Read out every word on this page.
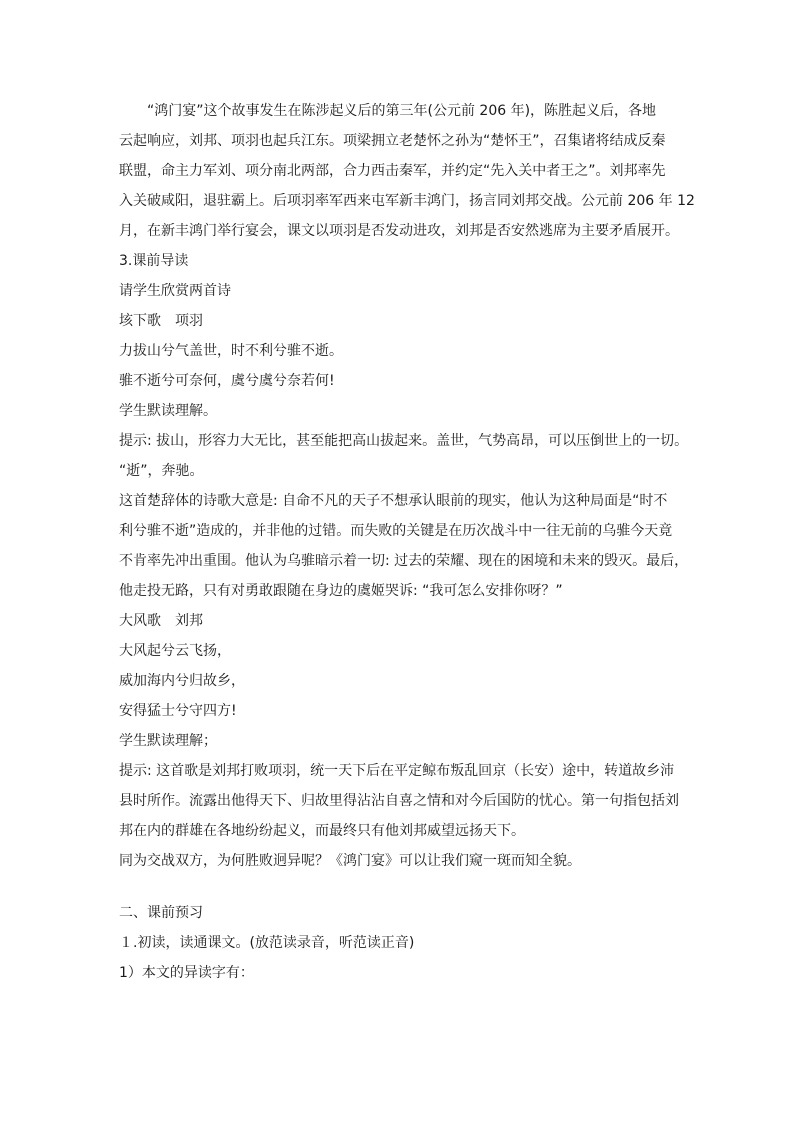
“鸿门宴”这个故事发生在陈涉起义后的第三年(公元前 206 年)，陈胜起义后，各地
云起响应，刘邦、项羽也起兵江东。项梁拥立老楚怀之孙为“楚怀王”，召集诸将结成反秦
联盟，命主力军刘、项分南北两部，合力西击秦军，并约定“先入关中者王之”。刘邦率先
入关破咸阳，退驻霸上。后项羽率军西来屯军新丰鸿门，扬言同刘邦交战。公元前 206 年 12
月，在新丰鸿门举行宴会，课文以项羽是否发动进攻，刘邦是否安然逃席为主要矛盾展开。
3.课前导读
请学生欣赏两首诗
垓下歌　项羽
力拔山兮气盖世，时不利兮骓不逝。
骓不逝兮可奈何，虞兮虞兮奈若何!
学生默读理解。
提示: 拔山，形容力大无比，甚至能把高山拔起来。盖世，气势高昂，可以压倒世上的一切。
“逝”，奔驰。
这首楚辞体的诗歌大意是: 自命不凡的天子不想承认眼前的现实，他认为这种局面是“时不
利兮骓不逝”造成的，并非他的过错。而失败的关键是在历次战斗中一往无前的乌骓今天竟
不肯率先冲出重围。他认为乌骓暗示着一切: 过去的荣耀、现在的困境和未来的毁灭。最后，
他走投无路，只有对勇敢跟随在身边的虞姬哭诉: “我可怎么安排你呀？”
大风歌　刘邦
大风起兮云飞扬，
威加海内兮归故乡，
安得猛士兮守四方!
学生默读理解；
提示: 这首歌是刘邦打败项羽，统一天下后在平定鲸布叛乱回京（长安）途中，转道故乡沛
县时所作。流露出他得天下、归故里得沾沾自喜之情和对今后国防的忧心。第一句指包括刘
邦在内的群雄在各地纷纷起义，而最终只有他刘邦威望远扬天下。
同为交战双方，为何胜败迥异呢？《鸿门宴》可以让我们窥一斑而知全貌。
二、课前预习
１.初读，读通课文。(放范读录音，听范读正音)
1）本文的异读字有：
